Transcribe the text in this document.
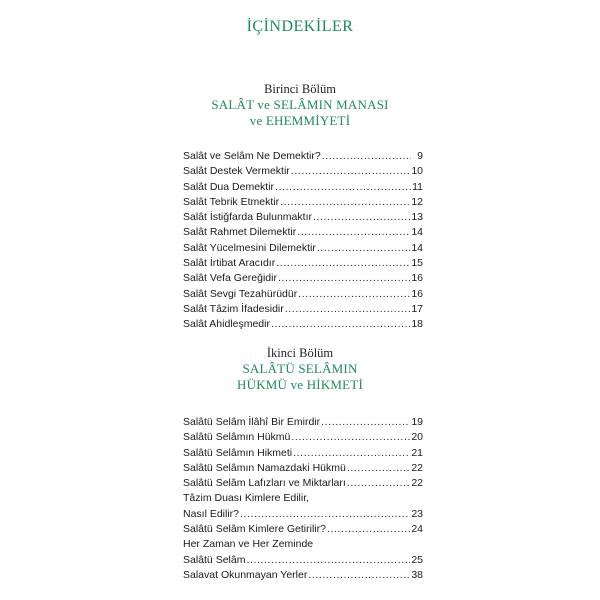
İÇİNDEKİLER
Birinci Bölüm
SALÂT ve SELÂMIN MANASI
ve EHEMMİYETİ
Salât ve Selâm Ne Demektir? .....	9
Salât Destek Vermektir .....	10
Salât Dua Demektir .....	11
Salât Tebrik Etmektir .....	12
Salât İstiğfarda Bulunmaktır .....	13
Salât Rahmet Dilemektir .....	14
Salât Yücelmesini Dilemektir .....	14
Salât İrtibat Aracıdır .....	15
Salât Vefa Gereğidir .....	16
Salât Sevgi Tezahürüdür .....	16
Salât Tâzim İfadesidir .....	17
Salât Ahidleşmedir .....	18
İkinci Bölüm
SALÂTÜ SELÂMIN
HÜKMÜ ve HİKMETİ
Salâtü Selâm İlâhî Bir Emirdir .....	19
Salâtü Selâmın Hükmü .....	20
Salâtü Selâmın Hikmeti .....	21
Salâtü Selâmın Namazdaki Hükmü .....	22
Salâtü Selâm Lafızları ve Miktarları .....	22
Tâzim Duası Kimlere Edilir,
Nasıl Edilir? .....	23
Salâtü Selâm Kimlere Getirilir? .....	24
Her Zaman ve Her Zeminde
Salâtü Selâm .....	25
Salavat Okunmayan Yerler .....	38
